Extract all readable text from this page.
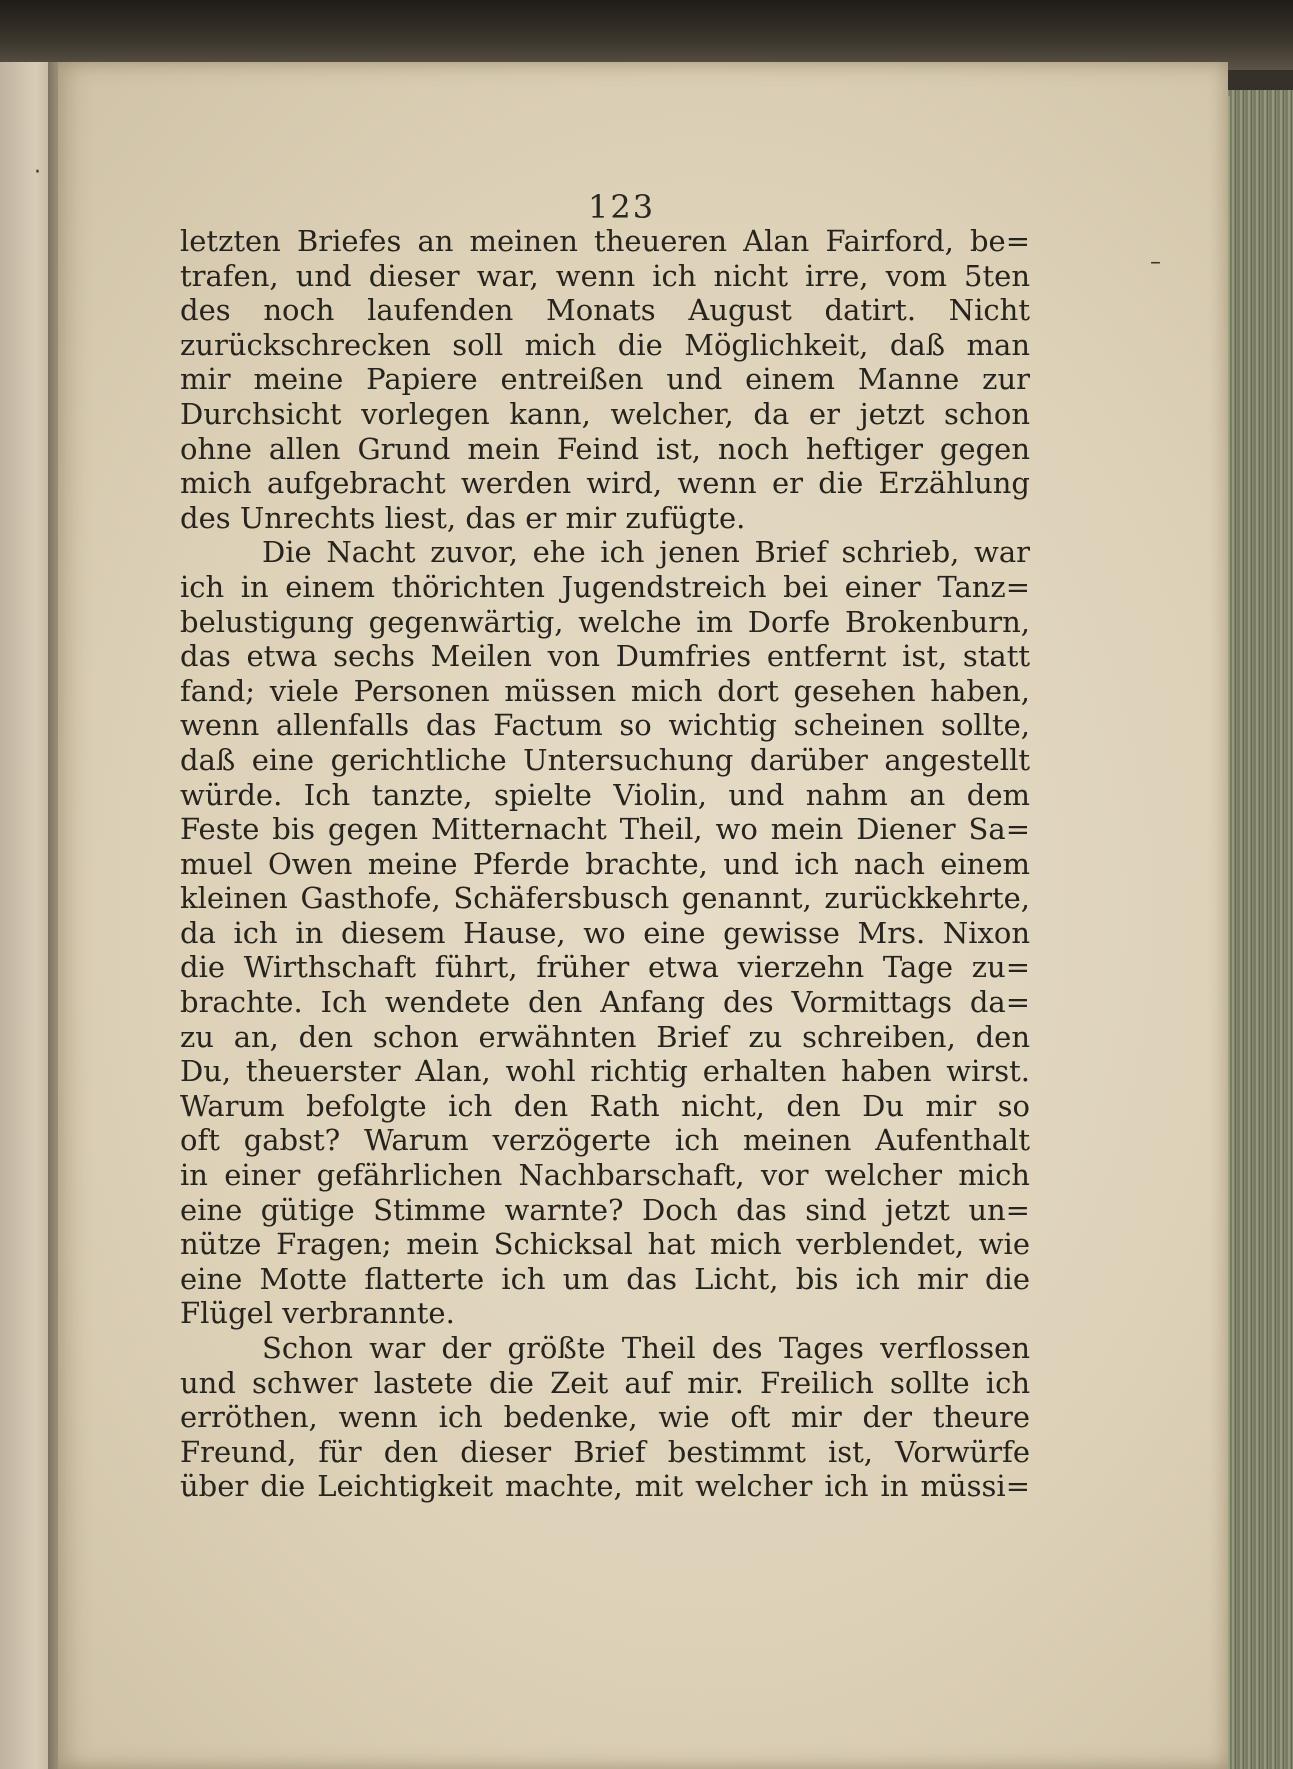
·
–
123
letzten Briefes an meinen theueren Alan Fairford, be=
trafen, und dieser war, wenn ich nicht irre, vom 5ten
des noch laufenden Monats August datirt. Nicht
zurückschrecken soll mich die Möglichkeit, daß man
mir meine Papiere entreißen und einem Manne zur
Durchsicht vorlegen kann, welcher, da er jetzt schon
ohne allen Grund mein Feind ist, noch heftiger gegen
mich aufgebracht werden wird, wenn er die Erzählung
des Unrechts liest, das er mir zufügte.
Die Nacht zuvor, ehe ich jenen Brief schrieb, war
ich in einem thörichten Jugendstreich bei einer Tanz=
belustigung gegenwärtig, welche im Dorfe Brokenburn,
das etwa sechs Meilen von Dumfries entfernt ist, statt
fand; viele Personen müssen mich dort gesehen haben,
wenn allenfalls das Factum so wichtig scheinen sollte,
daß eine gerichtliche Untersuchung darüber angestellt
würde. Ich tanzte, spielte Violin, und nahm an dem
Feste bis gegen Mitternacht Theil, wo mein Diener Sa=
muel Owen meine Pferde brachte, und ich nach einem
kleinen Gasthofe, Schäfersbusch genannt, zurückkehrte,
da ich in diesem Hause, wo eine gewisse Mrs. Nixon
die Wirthschaft führt, früher etwa vierzehn Tage zu=
brachte. Ich wendete den Anfang des Vormittags da=
zu an, den schon erwähnten Brief zu schreiben, den
Du, theuerster Alan, wohl richtig erhalten haben wirst.
Warum befolgte ich den Rath nicht, den Du mir so
oft gabst? Warum verzögerte ich meinen Aufenthalt
in einer gefährlichen Nachbarschaft, vor welcher mich
eine gütige Stimme warnte? Doch das sind jetzt un=
nütze Fragen; mein Schicksal hat mich verblendet, wie
eine Motte flatterte ich um das Licht, bis ich mir die
Flügel verbrannte.
Schon war der größte Theil des Tages verflossen
und schwer lastete die Zeit auf mir. Freilich sollte ich
erröthen, wenn ich bedenke, wie oft mir der theure
Freund, für den dieser Brief bestimmt ist, Vorwürfe
über die Leichtigkeit machte, mit welcher ich in müssi=
